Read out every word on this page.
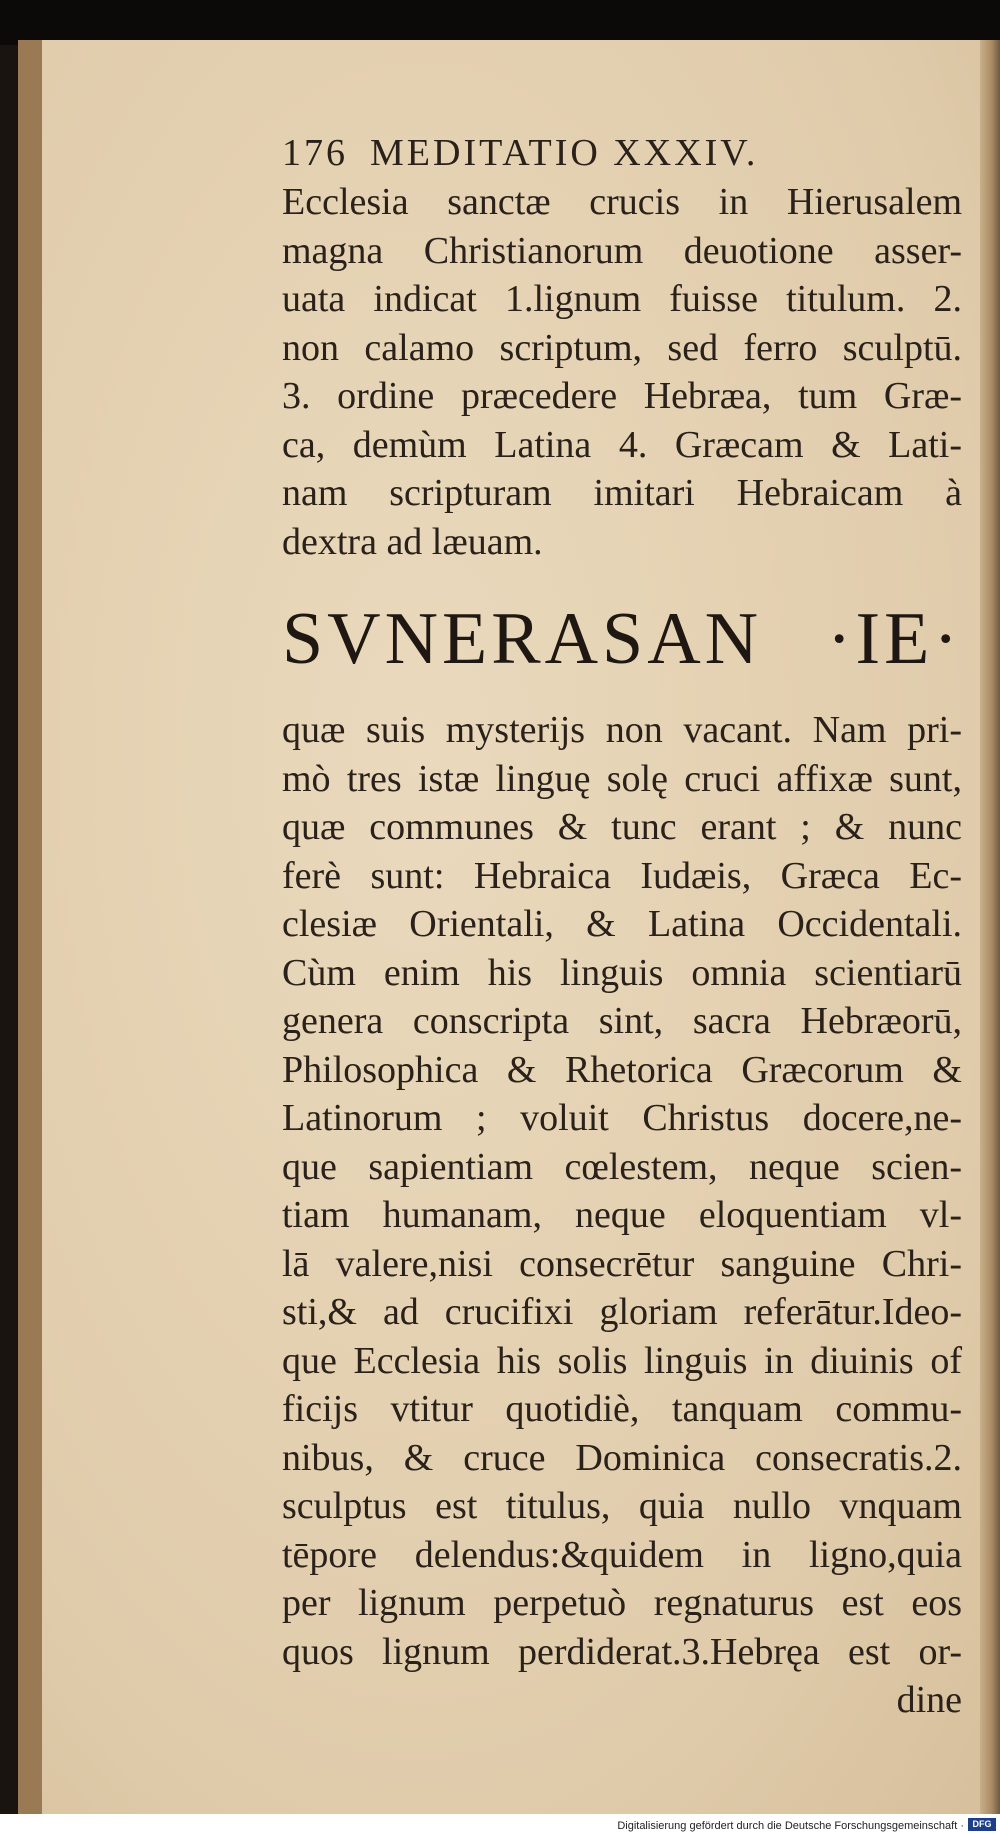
176 MEDITATIO XXXIV.
Ecclesia sanctæ crucis in Hierusalem
magna Christianorum deuotione asser-
uata indicat 1.lignum fuisse titulum. 2.
non calamo scriptum, sed ferro sculptū.
3. ordine præcedere Hebræa, tum Græ-
ca, demùm Latina 4. Græcam & Lati-
nam scripturam imitari Hebraicam à
dextra ad læuam.
SVNERASAN ·IE·
quæ suis mysterijs non vacant. Nam pri-
mò tres istæ linguę solę cruci affixæ sunt,
quæ communes & tunc erant ; & nunc
ferè sunt: Hebraica Iudæis, Græca Ec-
clesiæ Orientali, & Latina Occidentali.
Cùm enim his linguis omnia scientiarū
genera conscripta sint, sacra Hebræorū,
Philosophica & Rhetorica Græcorum &
Latinorum ; voluit Christus docere,ne-
que sapientiam cœlestem, neque scien-
tiam humanam, neque eloquentiam vl-
lā valere,nisi consecrētur sanguine Chri-
sti,& ad crucifixi gloriam referātur.Ideo-
que Ecclesia his solis linguis in diuinis of
ficijs vtitur quotidiè, tanquam commu-
nibus, & cruce Dominica consecratis.2.
sculptus est titulus, quia nullo vnquam
tēpore delendus:&quidem in ligno,quia
per lignum perpetuò regnaturus est eos
quos lignum perdiderat.3.Hebręa est or-
dine
Digitalisierung gefördert durch die Deutsche Forschungsgemeinschaft · DFG
